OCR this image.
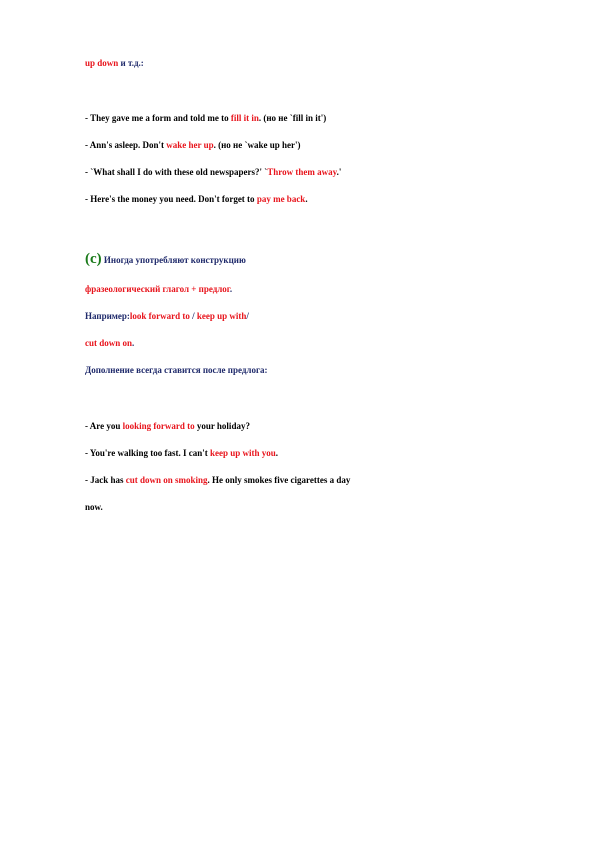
up down и т.д.:
- They gave me a form and told me to fill it in. (но не `fill in it')
- Ann's asleep. Don't wake her up. (но не `wake up her')
- `What shall I do with these old newspapers?' `Throw them away.'
- Here's the money you need. Don't forget to pay me back.
(c) Иногда употребляют конструкцию
фразеологический глагол + предлог.
Например:look forward to / keep up with/
cut down on.
Дополнение всегда ставится после предлога:
- Are you looking forward to your holiday?
- You're walking too fast. I can't keep up with you.
- Jack has cut down on smoking. He only smokes five cigarettes a day
now.
